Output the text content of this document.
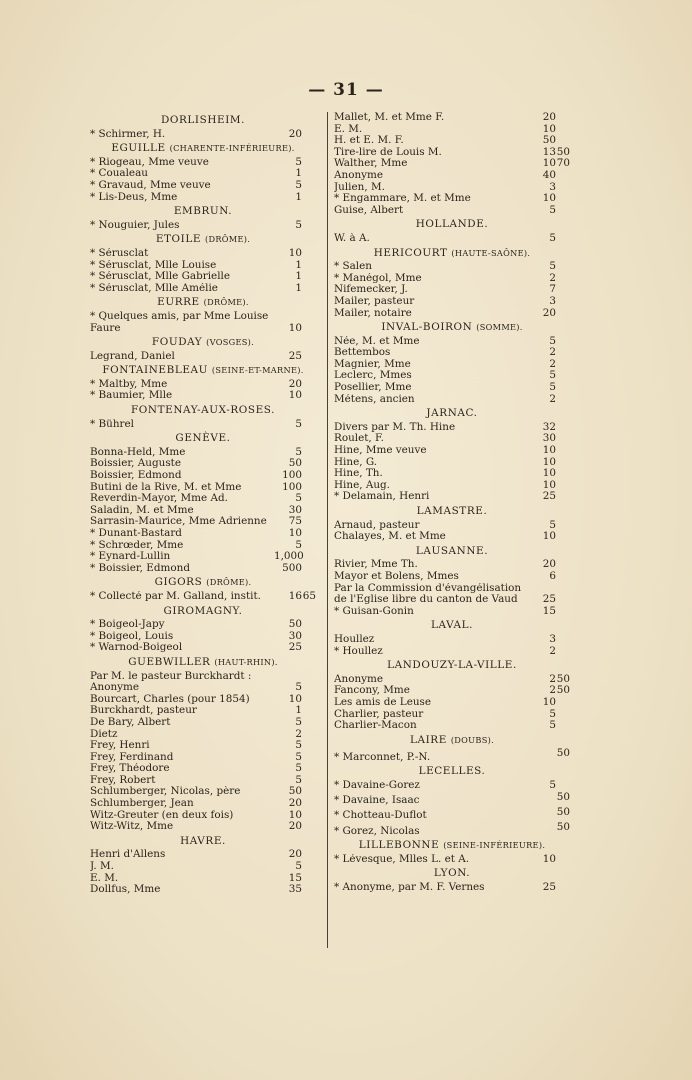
— 31 —
DORLISHEIM.
* Schirmer, H.	20
EGUILLE (CHARENTE-INFÉRIEURE).
* Riogeau, Mme veuve	5
* Coualeau	1
* Gravaud, Mme veuve	5
* Lis-Deus, Mme	1
EMBRUN.
* Nouguier, Jules	5
ETOILE (DRÔME).
* Sérusclat	10
* Sérusclat, Mlle Louise	1
* Sérusclat, Mlle Gabrielle	1
* Sérusclat, Mlle Amélie	1
EURRE (DRÔME).
* Quelques amis, par Mme Louise Faure	10
FOUDAY (VOSGES).
Legrand, Daniel	25
FONTAINEBLEAU (SEINE-ET-MARNE).
* Maltby, Mme	20
* Baumier, Mlle	10
FONTENAY-AUX-ROSES.
* Bührel	5
GENÈVE.
Bonna-Held, Mme	5
Boissier, Auguste	50
Boissier, Edmond	100
Butini de la Rive, M. et Mme	100
Reverdin-Mayor, Mme Ad.	5
Saladin, M. et Mme	30
Sarrasin-Maurice, Mme Adrienne	75
* Dunant-Bastard	10
* Schrœder, Mme	5
* Eynard-Lullin	1,000
* Boissier, Edmond	500
GIGORS (DRÔME).
* Collecté par M. Galland, instit.	16 65
GIROMAGNY.
* Boigeol-Japy	50
* Boigeol, Louis	30
* Warnod-Boigeol	25
GUEBWILLER (HAUT-RHIN).
Par M. le pasteur Burckhardt :
Anonyme	5
Bourcart, Charles (pour 1854)	10
Burckhardt, pasteur	1
De Bary, Albert	5
Dietz	2
Frey, Henri	5
Frey, Ferdinand	5
Frey, Théodore	5
Frey, Robert	5
Schlumberger, Nicolas, père	50
Schlumberger, Jean	20
Witz-Greuter (en deux fois)	10
Witz-Witz, Mme	20
HAVRE.
Henri d'Allens	20
J. M.	5
E. M.	15
Dollfus, Mme	35
Mallet, M. et Mme F.	20
E. M.	10
H. et E. M. F.	50
Tire-lire de Louis M.	13 50
Walther, Mme	10 70
Anonyme	40
Julien, M.	3
* Engammare, M. et Mme	10
Guise, Albert	5
HOLLANDE.
W. à A.	5
HERICOURT (HAUTE-SAÔNE).
* Salen	5
* Manégol, Mme	2
Nifemecker, J.	7
Mailer, pasteur	3
Mailer, notaire	20
INVAL-BOIRON (SOMME).
Née, M. et Mme	5
Bettembos	2
Magnier, Mme	2
Leclerc, Mmes	5
Posellier, Mme	5
Métens, ancien	2
JARNAC.
Divers par M. Th. Hine	32
Roulet, F.	30
Hine, Mme veuve	10
Hine, G.	10
Hine, Th.	10
Hine, Aug.	10
* Delamain, Henri	25
LAMASTRE.
Arnaud, pasteur	5
Chalayes, M. et Mme	10
LAUSANNE.
Rivier, Mme Th.	20
Mayor et Bolens, Mmes	6
Par la Commission d'évangélisation de l'Eglise libre du canton de Vaud	25
* Guisan-Gonin	15
LAVAL.
Houllez	3
* Houllez	2
LANDOUZY-LA-VILLE.
Anonyme	2 50
Fancony, Mme	2 50
Les amis de Leuse	10
Charlier, pasteur	5
Charlier-Macon	5
LAIRE (DOUBS).
* Marconnet, P.-N.	50
LECELLES.
* Davaine-Gorez	5
* Davaine, Isaac	50
* Chotteau-Duflot	50
* Gorez, Nicolas	50
LILLEBONNE (SEINE-INFÉRIEURE).
* Lévesque, Mlles L. et A.	10
LYON.
* Anonyme, par M. F. Vernes	25
